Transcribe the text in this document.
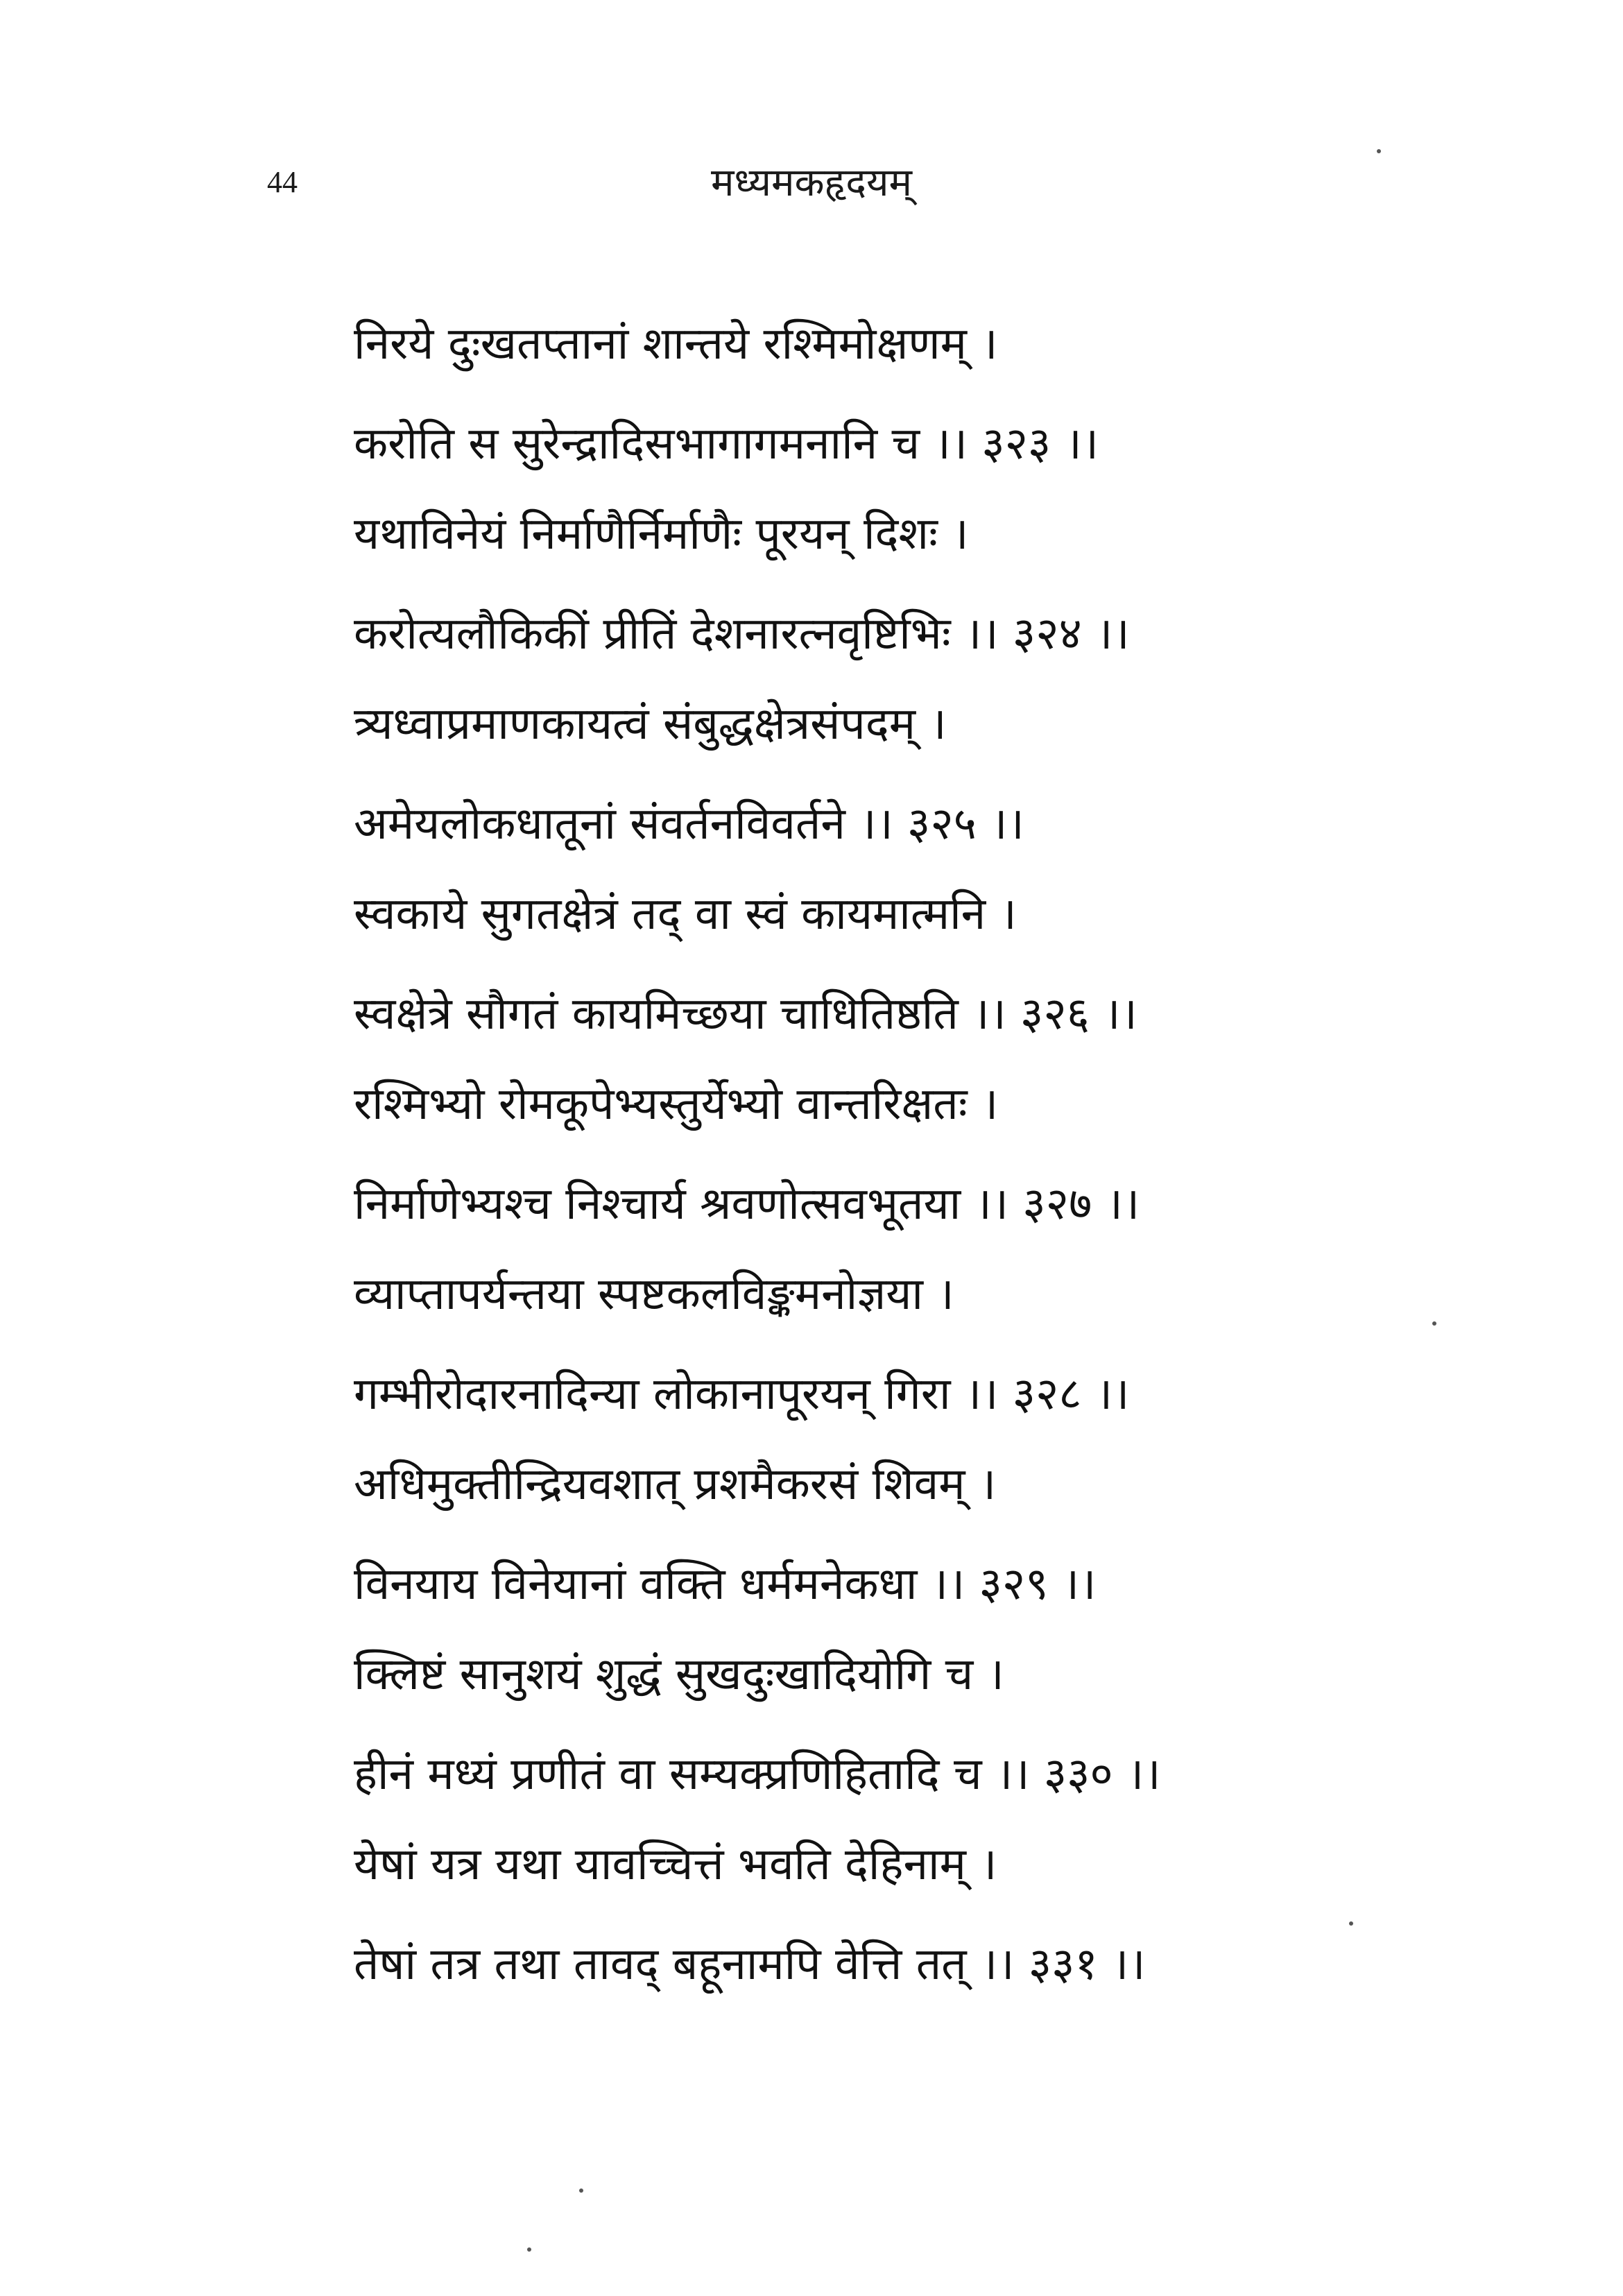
44	मध्यमकहृदयम्
निरये दुःखतप्तानां शान्तये रश्मिमोक्षणम् ।
करोति स सुरेन्द्रादिसभागागमनानि च ।। ३२३ ।।
यथाविनेयं निर्माणैर्निर्माणैः पूरयन् दिशः ।
करोत्यलौकिकीं प्रीतिं देशनारत्नवृष्टिभिः ।। ३२४ ।।
त्र्यध्वाप्रमाणकायत्वं संबुद्धक्षेत्रसंपदम् ।
अमेयलोकधातूनां संवर्तनविवर्तने ।। ३२५ ।।
स्वकाये सुगतक्षेत्रं तद् वा स्वं कायमात्मनि ।
स्वक्षेत्रे सौगतं कायमिच्छया चाधितिष्ठति ।। ३२६ ।।
रश्मिभ्यो रोमकूपेभ्यस्तुर्येभ्यो वान्तरिक्षतः ।
निर्माणेभ्यश्च निश्चार्य श्रवणोत्सवभूतया ।। ३२७ ।।
व्याप्तापर्यन्तया स्पष्टकलविङ्कमनोज्ञया ।
गम्भीरोदारनादिन्या लोकानापूरयन् गिरा ।। ३२८ ।।
अधिमुक्तीन्द्रियवशात् प्रशमैकरसं शिवम् ।
विनयाय विनेयानां वक्ति धर्ममनेकधा ।। ३२९ ।।
क्लिष्टं सानुशयं शुद्धं सुखदुःखादियोगि च ।
हीनं मध्यं प्रणीतं वा सम्यक्प्रणिहितादि च ।। ३३० ।।
येषां यत्र यथा यावच्चित्तं भवति देहिनाम् ।
तेषां तत्र तथा तावद् बहूनामपि वेत्ति तत् ।। ३३१ ।।
